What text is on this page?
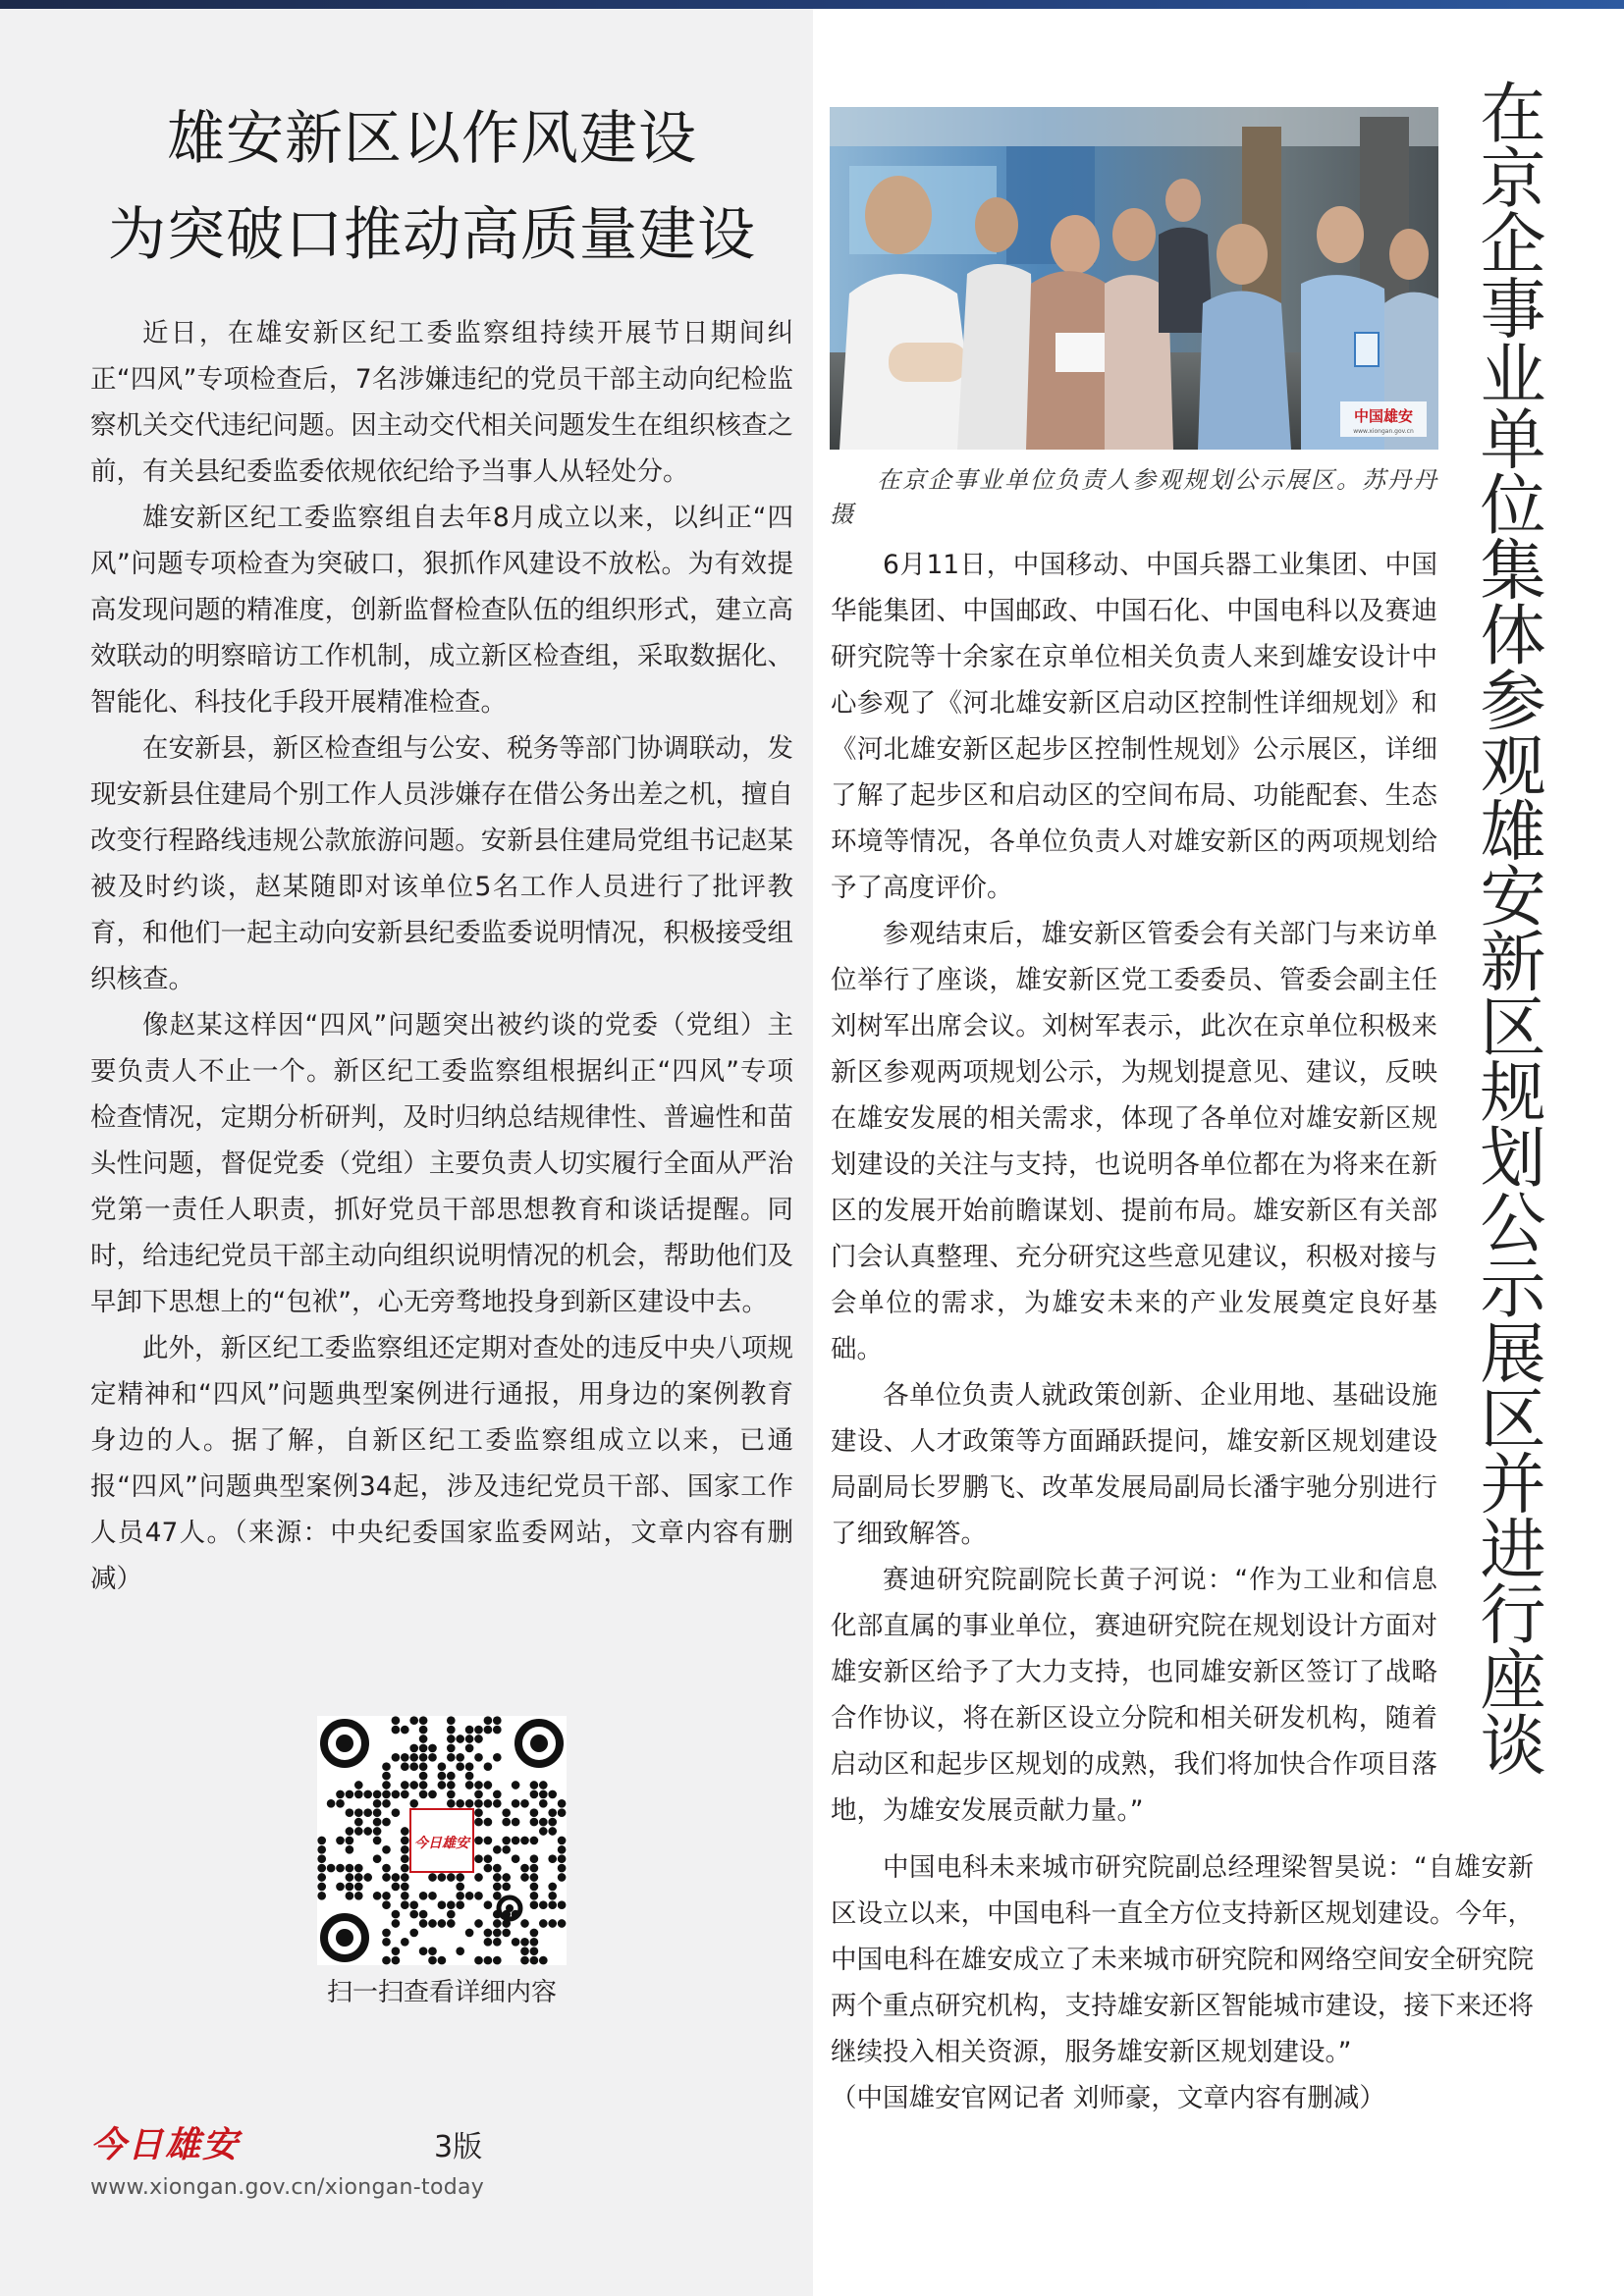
雄安新区以作风建设
为突破口推动高质量建设

近日，在雄安新区纪工委监察组持续开展节日期间纠正“四风”专项检查后，7名涉嫌违纪的党员干部主动向纪检监察机关交代违纪问题。因主动交代相关问题发生在组织核查之前，有关县纪委监委依规依纪给予当事人从轻处分。

雄安新区纪工委监察组自去年8月成立以来，以纠正“四风”问题专项检查为突破口，狠抓作风建设不放松。为有效提高发现问题的精准度，创新监督检查队伍的组织形式，建立高效联动的明察暗访工作机制，成立新区检查组，采取数据化、智能化、科技化手段开展精准检查。

在安新县，新区检查组与公安、税务等部门协调联动，发现安新县住建局个别工作人员涉嫌存在借公务出差之机，擅自改变行程路线违规公款旅游问题。安新县住建局党组书记赵某被及时约谈，赵某随即对该单位5名工作人员进行了批评教育，和他们一起主动向安新县纪委监委说明情况，积极接受组织核查。

像赵某这样因“四风”问题突出被约谈的党委（党组）主要负责人不止一个。新区纪工委监察组根据纠正“四风”专项检查情况，定期分析研判，及时归纳总结规律性、普遍性和苗头性问题，督促党委（党组）主要负责人切实履行全面从严治党第一责任人职责，抓好党员干部思想教育和谈话提醒。同时，给违纪党员干部主动向组织说明情况的机会，帮助他们及早卸下思想上的“包袱”，心无旁骛地投身到新区建设中去。

此外，新区纪工委监察组还定期对查处的违反中央八项规定精神和“四风”问题典型案例进行通报，用身边的案例教育身边的人。据了解，自新区纪工委监察组成立以来，已通报“四风”问题典型案例34起，涉及违纪党员干部、国家工作人员47人。（来源：中央纪委国家监委网站，文章内容有删减）

今日雄安
扫一扫查看详细内容
今日雄安	3版
www.xiongan.gov.cn/xiongan-today
中国雄安
www.xiongan.gov.cn
在京企事业单位负责人参观规划公示展区。苏丹丹 摄	在京企事业单位集体参观雄安新区规划公示展区并进行座谈

6月11日，中国移动、中国兵器工业集团、中国华能集团、中国邮政、中国石化、中国电科以及赛迪研究院等十余家在京单位相关负责人来到雄安设计中心参观了《河北雄安新区启动区控制性详细规划》和《河北雄安新区起步区控制性规划》公示展区，详细了解了起步区和启动区的空间布局、功能配套、生态环境等情况，各单位负责人对雄安新区的两项规划给予了高度评价。

参观结束后，雄安新区管委会有关部门与来访单位举行了座谈，雄安新区党工委委员、管委会副主任刘树军出席会议。刘树军表示，此次在京单位积极来新区参观两项规划公示，为规划提意见、建议，反映在雄安发展的相关需求，体现了各单位对雄安新区规划建设的关注与支持，也说明各单位都在为将来在新区的发展开始前瞻谋划、提前布局。雄安新区有关部门会认真整理、充分研究这些意见建议，积极对接与会单位的需求，为雄安未来的产业发展奠定良好基础。

各单位负责人就政策创新、企业用地、基础设施建设、人才政策等方面踊跃提问，雄安新区规划建设局副局长罗鹏飞、改革发展局副局长潘宇驰分别进行了细致解答。

赛迪研究院副院长黄子河说：“作为工业和信息化部直属的事业单位，赛迪研究院在规划设计方面对雄安新区给予了大力支持，也同雄安新区签订了战略合作协议，将在新区设立分院和相关研发机构，随着启动区和起步区规划的成熟，我们将加快合作项目落地，为雄安发展贡献力量。”

中国电科未来城市研究院副总经理梁智昊说：“自雄安新区设立以来，中国电科一直全方位支持新区规划建设。今年，中国电科在雄安成立了未来城市研究院和网络空间安全研究院两个重点研究机构，支持雄安新区智能城市建设，接下来还将继续投入相关资源，服务雄安新区规划建设。”

（中国雄安官网记者 刘师豪，文章内容有删减）
